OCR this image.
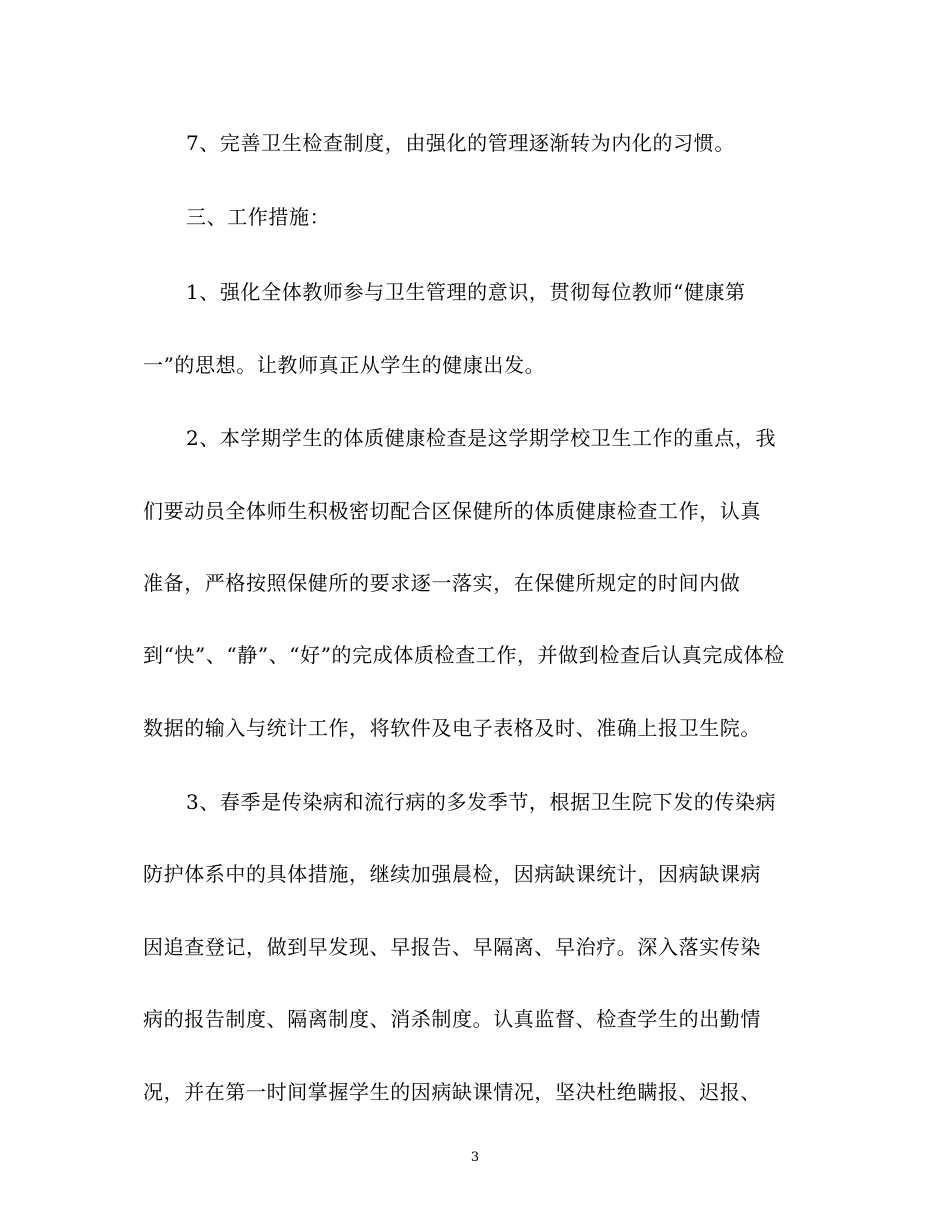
7、完善卫生检查制度，由强化的管理逐渐转为内化的习惯。
三、工作措施：
1、强化全体教师参与卫生管理的意识，贯彻每位教师“健康第
一”的思想。让教师真正从学生的健康出发。
2、本学期学生的体质健康检查是这学期学校卫生工作的重点，我
们要动员全体师生积极密切配合区保健所的体质健康检查工作，认真
准备，严格按照保健所的要求逐一落实，在保健所规定的时间内做
到“快”、“静”、“好”的完成体质检查工作，并做到检查后认真完成体检
数据的输入与统计工作，将软件及电子表格及时、准确上报卫生院。
3、春季是传染病和流行病的多发季节，根据卫生院下发的传染病
防护体系中的具体措施，继续加强晨检，因病缺课统计，因病缺课病
因追查登记，做到早发现、早报告、早隔离、早治疗。深入落实传染
病的报告制度、隔离制度、消杀制度。认真监督、检查学生的出勤情
况，并在第一时间掌握学生的因病缺课情况，坚决杜绝瞒报、迟报、
3
